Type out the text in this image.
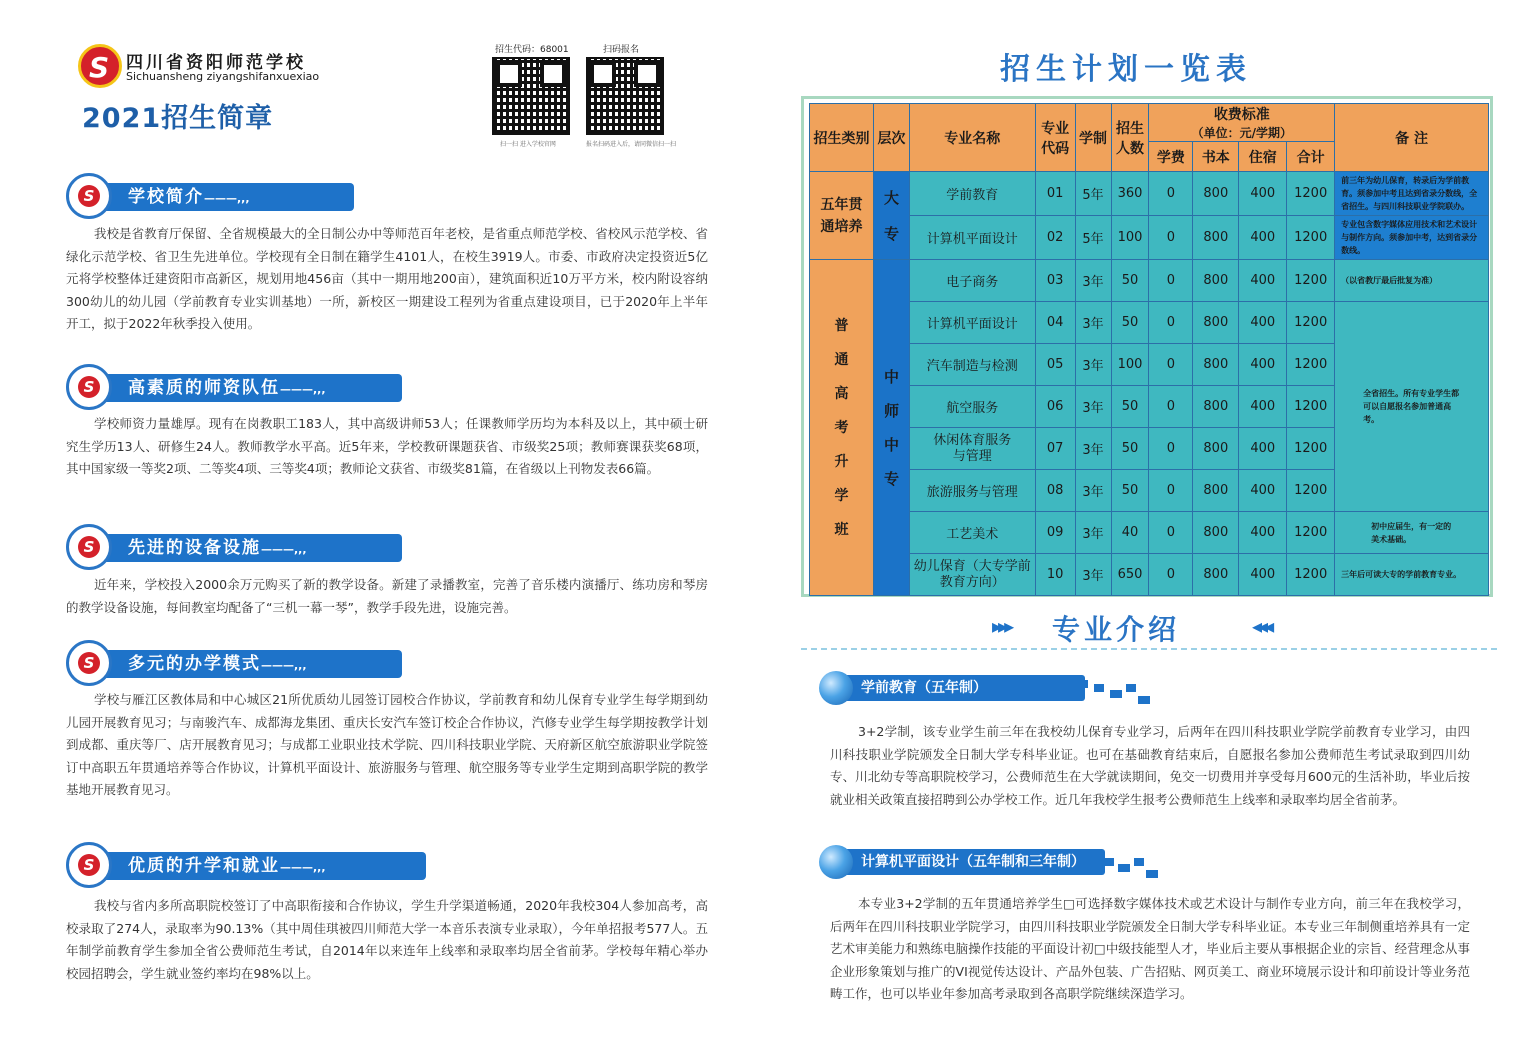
S 四川省资阳师范学校
Sichuansheng ziyangshifanxuexiao
2021招生简章
招生代码：68001
扫一扫 进入学校官网
扫码报名
报名扫码进入后，请同微信扫一扫
学校简介———,,,
S
我校是省教育厅保留、全省规模最大的全日制公办中等师范百年老校，是省重点师范学校、省校风示范学校、省绿化示范学校、省卫生先进单位。学校现有全日制在籍学生4101人，在校生3919人。市委、市政府决定投资近5亿元将学校整体迁建资阳市高新区，规划用地456亩（其中一期用地200亩），建筑面积近10万平方米，校内附设容纳300幼儿的幼儿园（学前教育专业实训基地）一所，新校区一期建设工程列为省重点建设项目，已于2020年上半年开工，拟于2022年秋季投入使用。
高素质的师资队伍———,,,
S
学校师资力量雄厚。现有在岗教职工183人，其中高级讲师53人；任课教师学历均为本科及以上，其中硕士研究生学历13人、研修生24人。教师教学水平高。近5年来，学校教研课题获省、市级奖25项；教师赛课获奖68项，其中国家级一等奖2项、二等奖4项、三等奖4项；教师论文获省、市级奖81篇，在省级以上刊物发表66篇。
先进的设备设施———,,,
S
近年来，学校投入2000余万元购买了新的教学设备。新建了录播教室，完善了音乐楼内演播厅、练功房和琴房的教学设备设施，每间教室均配备了“三机一幕一琴”，教学手段先进，设施完善。
多元的办学模式———,,,
S
学校与雁江区教体局和中心城区21所优质幼儿园签订园校合作协议，学前教育和幼儿保育专业学生每学期到幼儿园开展教育见习；与南骏汽车、成都海龙集团、重庆长安汽车签订校企合作协议，汽修专业学生每学期按教学计划到成都、重庆等厂、店开展教育见习；与成都工业职业技术学院、四川科技职业学院、天府新区航空旅游职业学院签订中高职五年贯通培养等合作协议，计算机平面设计、旅游服务与管理、航空服务等专业学生定期到高职学院的教学基地开展教育见习。
优质的升学和就业———,,,
S
我校与省内多所高职院校签订了中高职衔接和合作协议，学生升学渠道畅通，2020年我校304人参加高考，高校录取了274人，录取率为90.13%（其中周佳琪被四川师范大学一本音乐表演专业录取），今年单招报考577人。五年制学前教育学生参加全省公费师范生考试，自2014年以来连年上线率和录取率均居全省前茅。学校每年精心举办校园招聘会，学生就业签约率均在98%以上。
招生计划一览表
招生类别	层次	专业名称	专业代码	学制	招生人数	收费标准
（单位：元/学期）				备 注
						学费	书本	住宿	合计	
五年贯通培养	大专	学前教育	01	5年	360	0	800	400	1200	前三年为幼儿保育，转录后为学前教育。须参加中考且达到省录分数线，全省招生。与四川科技职业学院联办。
		计算机平面设计	02	5年	100	0	800	400	1200	专业包含数字媒体应用技术和艺术设计与制作方向。须参加中考，达到省录分数线。
普通高考升学班	中师中专	电子商务	03	3年	50	0	800	400	1200	（以省教厅最后批复为准）
		计算机平面设计	04	3年	50	0	800	400	1200	全省招生。所有专业学生都可以自愿报名参加普通高考。
		汽车制造与检测	05	3年	100	0	800	400	1200	
		航空服务	06	3年	50	0	800	400	1200	
		休闲体育服务与管理	07	3年	50	0	800	400	1200	
		旅游服务与管理	08	3年	50	0	800	400	1200	
		工艺美术	09	3年	40	0	800	400	1200	初中应届生，有一定的美术基础。
		幼儿保育（大专学前教育方向）	10	3年	650	0	800	400	1200	三年后可读大专的学前教育专业。
▸▸▸ 专业介绍	◂◂◂
学前教育（五年制）
3+2学制，该专业学生前三年在我校幼儿保育专业学习，后两年在四川科技职业学院学前教育专业学习，由四川科技职业学院颁发全日制大学专科毕业证。也可在基础教育结束后，自愿报名参加公费师范生考试录取到四川幼专、川北幼专等高职院校学习，公费师范生在大学就读期间，免交一切费用并享受每月600元的生活补助，毕业后按就业相关政策直接招聘到公办学校工作。近几年我校学生报考公费师范生上线率和录取率均居全省前茅。
计算机平面设计（五年制和三年制）
本专业3+2学制的五年贯通培养学生□可选择数字媒体技术或艺术设计与制作专业方向，前三年在我校学习，后两年在四川科技职业学院学习，由四川科技职业学院颁发全日制大学专科毕业证。本专业三年制侧重培养具有一定艺术审美能力和熟练电脑操作技能的平面设计初□中级技能型人才，毕业后主要从事根据企业的宗旨、经营理念从事企业形象策划与推广的VI视觉传达设计、产品外包装、广告招贴、网页美工、商业环境展示设计和印前设计等业务范畴工作，也可以毕业年参加高考录取到各高职学院继续深造学习。
